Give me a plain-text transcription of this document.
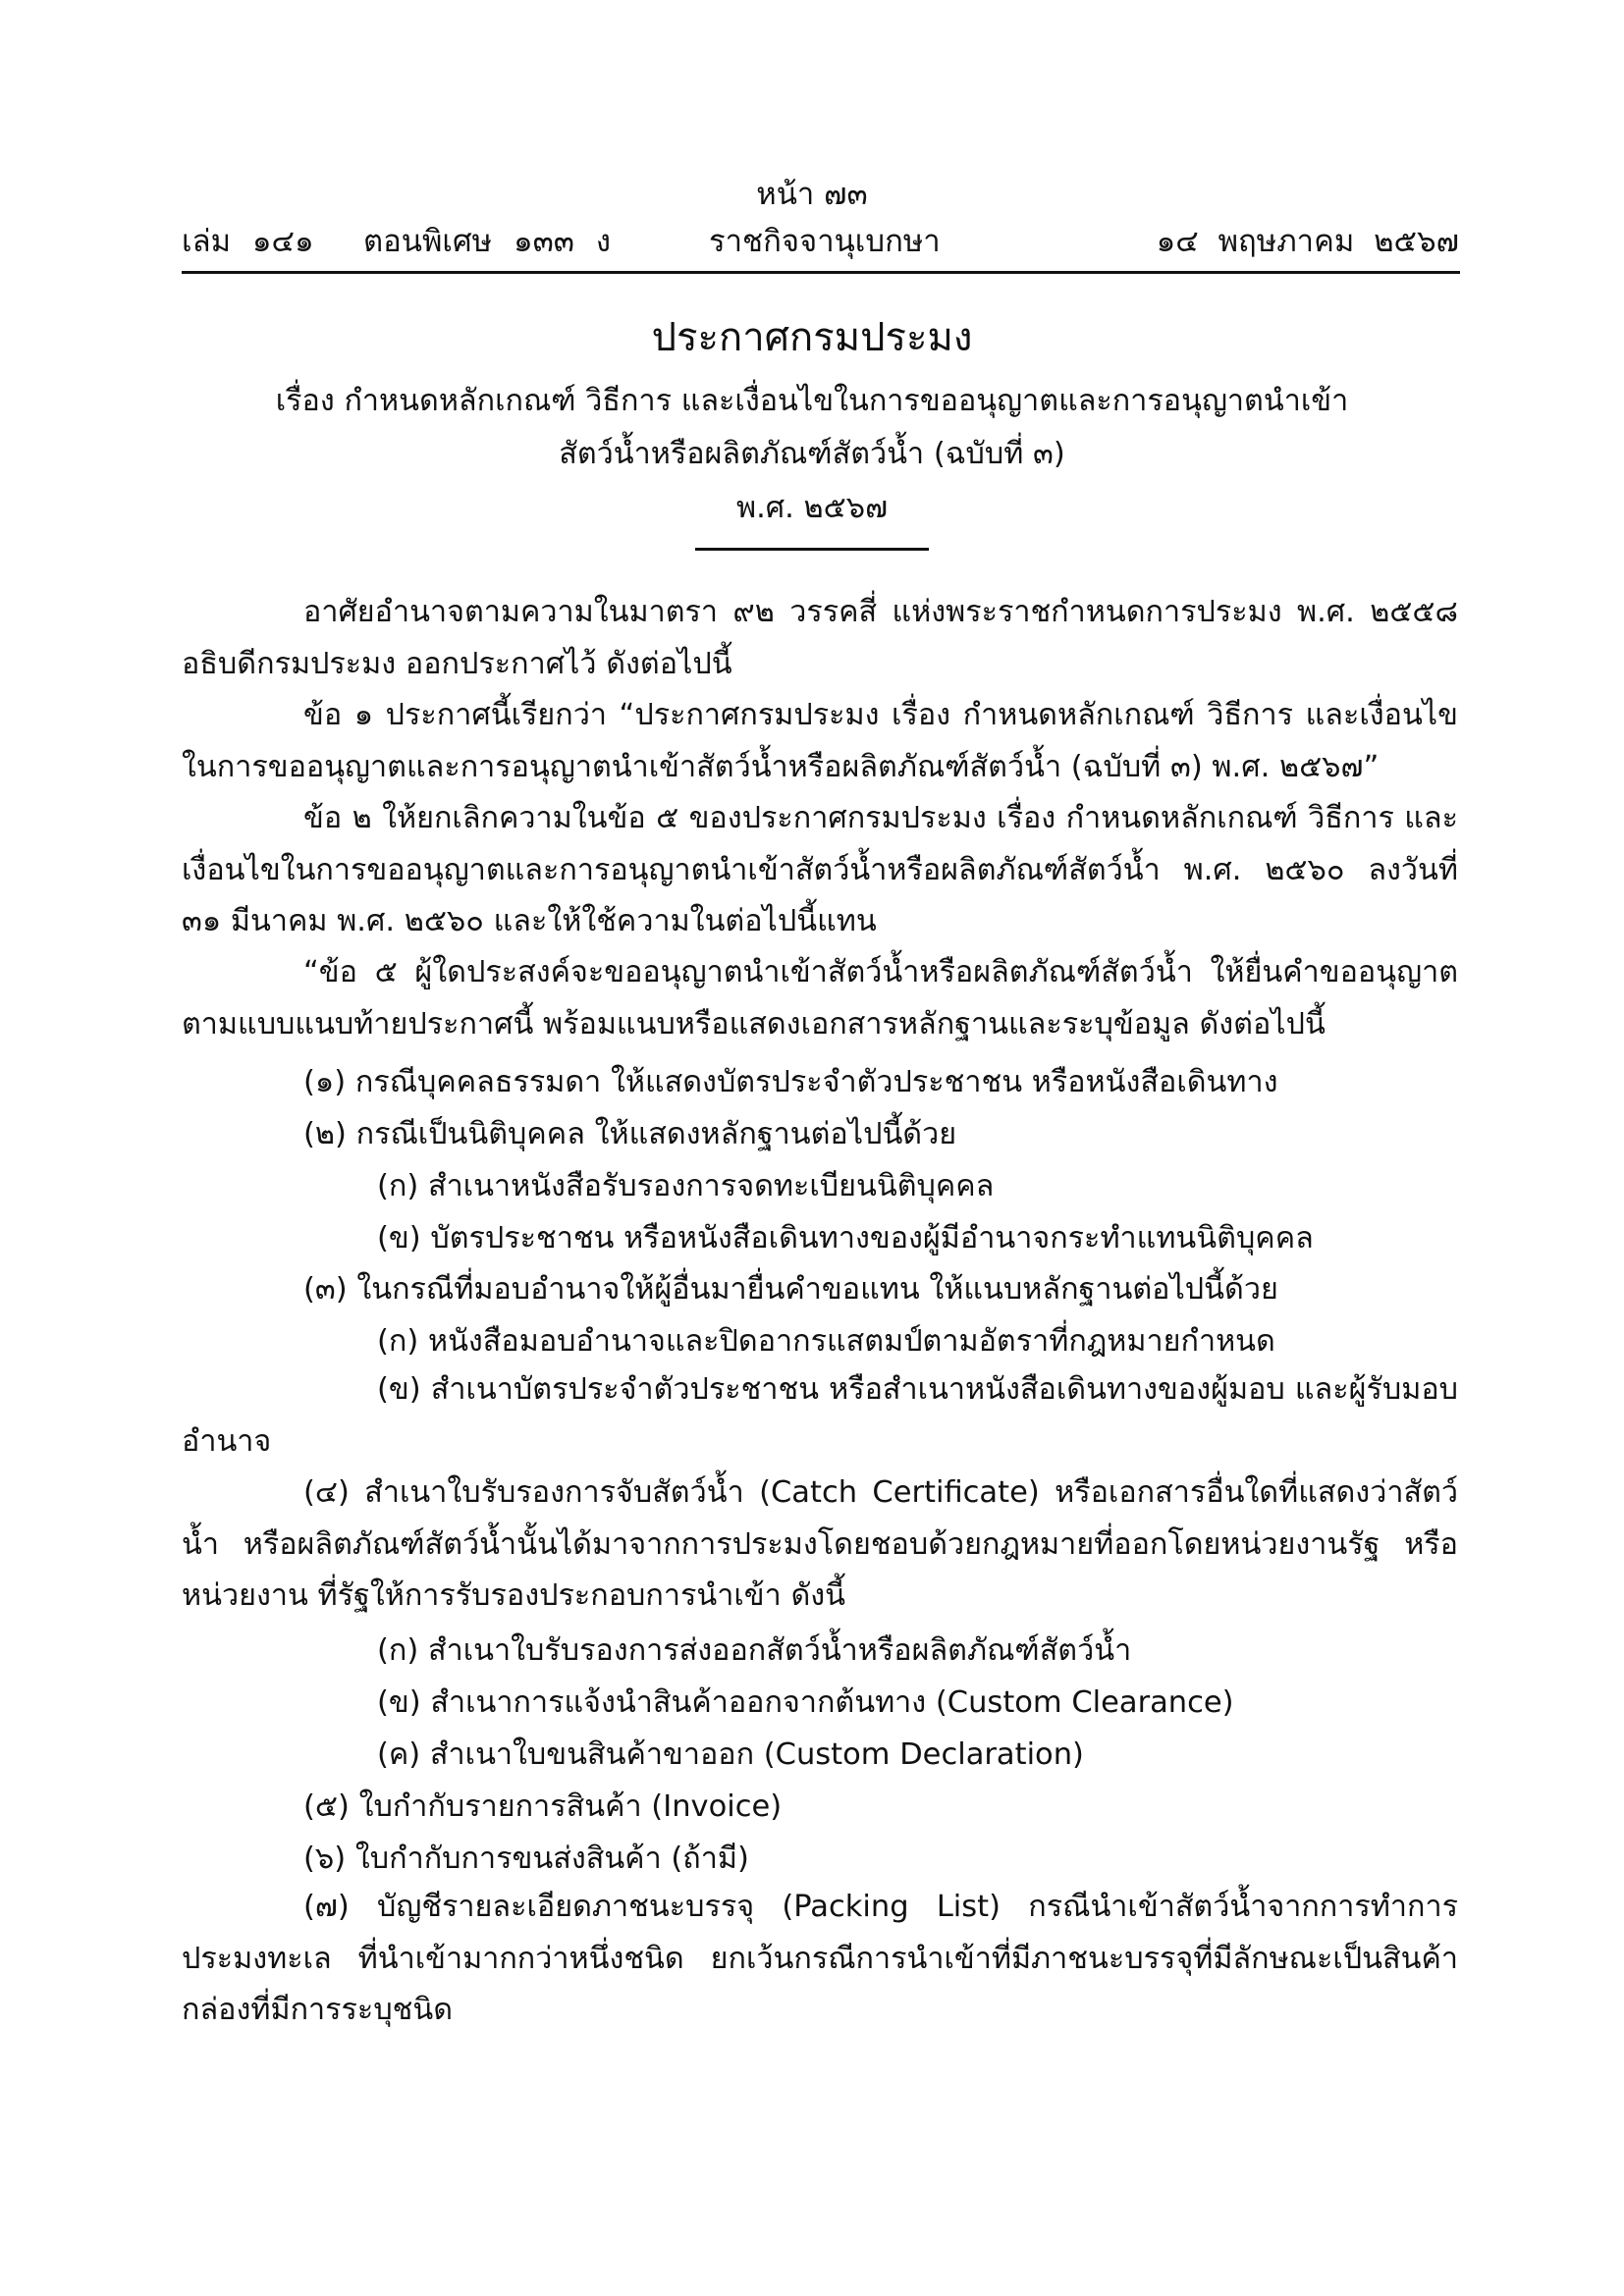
หน้า ๗๓
เล่ม ๑๔๑ ตอนพิเศษ ๑๓๓ ง	ราชกิจจานุเบกษา	๑๔ พฤษภาคม ๒๕๖๗
ประกาศกรมประมง
เรื่อง กำหนดหลักเกณฑ์ วิธีการ และเงื่อนไขในการขออนุญาตและการอนุญาตนำเข้า
สัตว์น้ำหรือผลิตภัณฑ์สัตว์น้ำ (ฉบับที่ ๓)
พ.ศ. ๒๕๖๗
อาศัยอำนาจตามความในมาตรา ๙๒ วรรคสี่ แห่งพระราชกำหนดการประมง พ.ศ. ๒๕๕๘ อธิบดีกรมประมง ออกประกาศไว้ ดังต่อไปนี้
ข้อ ๑ ประกาศนี้เรียกว่า “ประกาศกรมประมง เรื่อง กำหนดหลักเกณฑ์ วิธีการ และเงื่อนไข ในการขออนุญาตและการอนุญาตนำเข้าสัตว์น้ำหรือผลิตภัณฑ์สัตว์น้ำ (ฉบับที่ ๓) พ.ศ. ๒๕๖๗”
ข้อ ๒ ให้ยกเลิกความในข้อ ๕ ของประกาศกรมประมง เรื่อง กำหนดหลักเกณฑ์ วิธีการ และเงื่อนไขในการขออนุญาตและการอนุญาตนำเข้าสัตว์น้ำหรือผลิตภัณฑ์สัตว์น้ำ พ.ศ. ๒๕๖๐ ลงวันที่ ๓๑ มีนาคม พ.ศ. ๒๕๖๐ และให้ใช้ความในต่อไปนี้แทน
“ข้อ ๕ ผู้ใดประสงค์จะขออนุญาตนำเข้าสัตว์น้ำหรือผลิตภัณฑ์สัตว์น้ำ ให้ยื่นคำขออนุญาต ตามแบบแนบท้ายประกาศนี้ พร้อมแนบหรือแสดงเอกสารหลักฐานและระบุข้อมูล ดังต่อไปนี้
(๑) กรณีบุคคลธรรมดา ให้แสดงบัตรประจำตัวประชาชน หรือหนังสือเดินทาง
(๒) กรณีเป็นนิติบุคคล ให้แสดงหลักฐานต่อไปนี้ด้วย
(ก) สำเนาหนังสือรับรองการจดทะเบียนนิติบุคคล
(ข) บัตรประชาชน หรือหนังสือเดินทางของผู้มีอำนาจกระทำแทนนิติบุคคล
(๓) ในกรณีที่มอบอำนาจให้ผู้อื่นมายื่นคำขอแทน ให้แนบหลักฐานต่อไปนี้ด้วย
(ก) หนังสือมอบอำนาจและปิดอากรแสตมป์ตามอัตราที่กฎหมายกำหนด
(ข) สำเนาบัตรประจำตัวประชาชน หรือสำเนาหนังสือเดินทางของผู้มอบ และผู้รับมอบ อำนาจ
(๔) สำเนาใบรับรองการจับสัตว์น้ำ (Catch Certificate) หรือเอกสารอื่นใดที่แสดงว่าสัตว์น้ำ หรือผลิตภัณฑ์สัตว์น้ำนั้นได้มาจากการประมงโดยชอบด้วยกฎหมายที่ออกโดยหน่วยงานรัฐ หรือหน่วยงาน ที่รัฐให้การรับรองประกอบการนำเข้า ดังนี้
(ก) สำเนาใบรับรองการส่งออกสัตว์น้ำหรือผลิตภัณฑ์สัตว์น้ำ
(ข) สำเนาการแจ้งนำสินค้าออกจากต้นทาง (Custom Clearance)
(ค) สำเนาใบขนสินค้าขาออก (Custom Declaration)
(๕) ใบกำกับรายการสินค้า (Invoice)
(๖) ใบกำกับการขนส่งสินค้า (ถ้ามี)
(๗) บัญชีรายละเอียดภาชนะบรรจุ (Packing List) กรณีนำเข้าสัตว์น้ำจากการทำการประมงทะเล ที่นำเข้ามากกว่าหนึ่งชนิด ยกเว้นกรณีการนำเข้าที่มีภาชนะบรรจุที่มีลักษณะเป็นสินค้ากล่องที่มีการระบุชนิด
